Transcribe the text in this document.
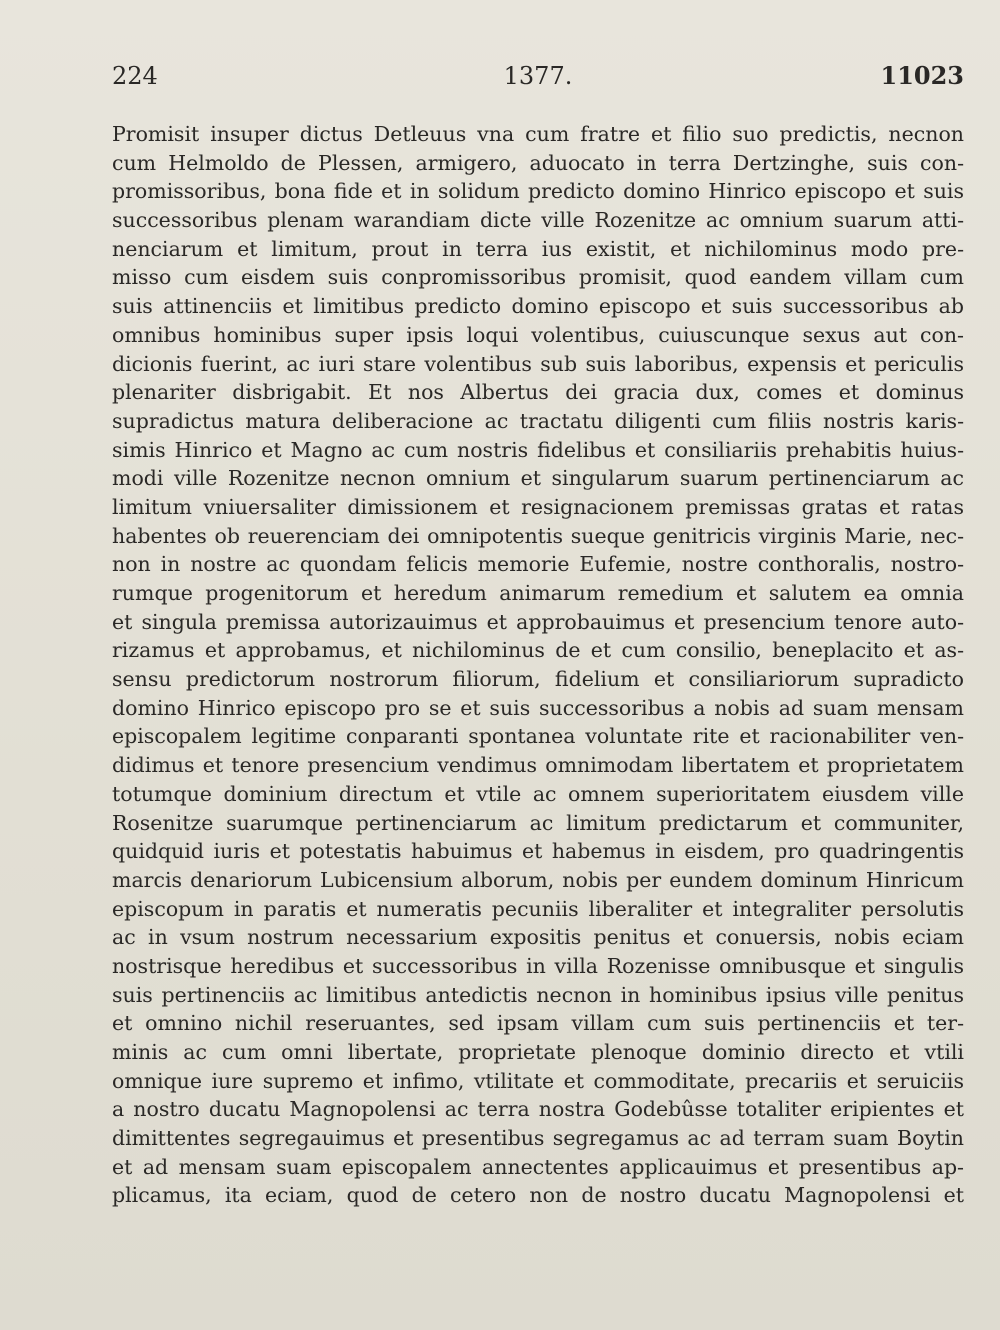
224	1377.	11023
Promisit insuper dictus Detleuus vna cum fratre et filio suo predictis, necnon
cum Helmoldo de Plessen, armigero, aduocato in terra Dertzinghe, suis con-
promissoribus, bona fide et in solidum predicto domino Hinrico episcopo et suis
successoribus plenam warandiam dicte ville Rozenitze ac omnium suarum atti-
nenciarum et limitum, prout in terra ius existit, et nichilominus modo pre-
misso cum eisdem suis conpromissoribus promisit, quod eandem villam cum
suis attinenciis et limitibus predicto domino episcopo et suis successoribus ab
omnibus hominibus super ipsis loqui volentibus, cuiuscunque sexus aut con-
dicionis fuerint, ac iuri stare volentibus sub suis laboribus, expensis et periculis
plenariter disbrigabit. Et nos Albertus dei gracia dux, comes et dominus
supradictus matura deliberacione ac tractatu diligenti cum filiis nostris karis-
simis Hinrico et Magno ac cum nostris fidelibus et consiliariis prehabitis huius-
modi ville Rozenitze necnon omnium et singularum suarum pertinenciarum ac
limitum vniuersaliter dimissionem et resignacionem premissas gratas et ratas
habentes ob reuerenciam dei omnipotentis sueque genitricis virginis Marie, nec-
non in nostre ac quondam felicis memorie Eufemie, nostre conthoralis, nostro-
rumque progenitorum et heredum animarum remedium et salutem ea omnia
et singula premissa autorizauimus et approbauimus et presencium tenore auto-
rizamus et approbamus, et nichilominus de et cum consilio, beneplacito et as-
sensu predictorum nostrorum filiorum, fidelium et consiliariorum supradicto
domino Hinrico episcopo pro se et suis successoribus a nobis ad suam mensam
episcopalem legitime conparanti spontanea voluntate rite et racionabiliter ven-
didimus et tenore presencium vendimus omnimodam libertatem et proprietatem
totumque dominium directum et vtile ac omnem superioritatem eiusdem ville
Rosenitze suarumque pertinenciarum ac limitum predictarum et communiter,
quidquid iuris et potestatis habuimus et habemus in eisdem, pro quadringentis
marcis denariorum Lubicensium alborum, nobis per eundem dominum Hinricum
episcopum in paratis et numeratis pecuniis liberaliter et integraliter persolutis
ac in vsum nostrum necessarium expositis penitus et conuersis, nobis eciam
nostrisque heredibus et successoribus in villa Rozenisse omnibusque et singulis
suis pertinenciis ac limitibus antedictis necnon in hominibus ipsius ville penitus
et omnino nichil reseruantes, sed ipsam villam cum suis pertinenciis et ter-
minis ac cum omni libertate, proprietate plenoque dominio directo et vtili
omnique iure supremo et infimo, vtilitate et commoditate, precariis et seruiciis
a nostro ducatu Magnopolensi ac terra nostra Godebûsse totaliter eripientes et
dimittentes segregauimus et presentibus segregamus ac ad terram suam Boytin
et ad mensam suam episcopalem annectentes applicauimus et presentibus ap-
plicamus, ita eciam, quod de cetero non de nostro ducatu Magnopolensi et
